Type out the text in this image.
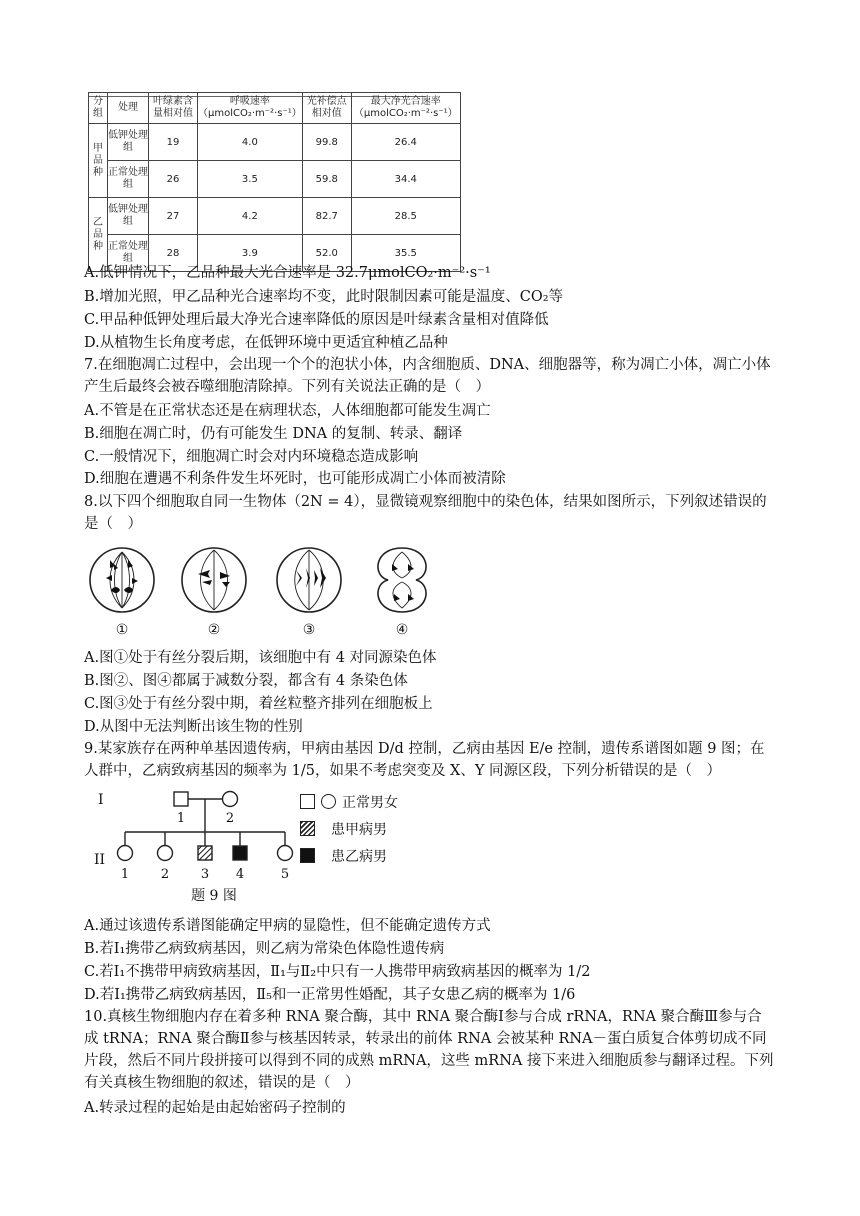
分组	处理	叶绿素含量相对值	呼吸速率（μmolCO₂·m⁻²·s⁻¹）	光补偿点相对值	最大净光合速率（μmolCO₂·m⁻²·s⁻¹）
甲品种	低钾处理组	19	4.0	99.8	26.4
	正常处理组	26	3.5	59.8	34.4
乙品种	低钾处理组	27	4.2	82.7	28.5
	正常处理组	28	3.9	52.0	35.5
A.低钾情况下，乙品种最大光合速率是 32.7μmolCO₂·m⁻²·s⁻¹
B.增加光照，甲乙品种光合速率均不变，此时限制因素可能是温度、CO₂等
C.甲品种低钾处理后最大净光合速率降低的原因是叶绿素含量相对值降低
D.从植物生长角度考虑，在低钾环境中更适宜种植乙品种
7.在细胞凋亡过程中，会出现一个个的泡状小体，内含细胞质、DNA、细胞器等，称为凋亡小体，凋亡小体产生后最终会被吞噬细胞清除掉。下列有关说法正确的是（　）
A.不管是在正常状态还是在病理状态，人体细胞都可能发生凋亡
B.细胞在凋亡时，仍有可能发生 DNA 的复制、转录、翻译
C.一般情况下，细胞凋亡时会对内环境稳态造成影响
D.细胞在遭遇不利条件发生坏死时，也可能形成凋亡小体而被清除
8.以下四个细胞取自同一生物体（2N = 4），显微镜观察细胞中的染色体，结果如图所示，下列叙述错误的是（　）
①	②	③	④
A.图①处于有丝分裂后期，该细胞中有 4 对同源染色体
B.图②、图④都属于减数分裂，都含有 4 条染色体
C.图③处于有丝分裂中期，着丝粒整齐排列在细胞板上
D.从图中无法判断出该生物的性别
9.某家族存在两种单基因遗传病，甲病由基因 D/d 控制，乙病由基因 E/e 控制，遗传系谱图如题 9 图；在人群中，乙病致病基因的频率为 1/5，如果不考虑突变及 X、Y 同源区段，下列分析错误的是（　）
I
II
1	2
1 2 3 4	5
题 9 图
正常男女
患甲病男
患乙病男
A.通过该遗传系谱图能确定甲病的显隐性，但不能确定遗传方式
B.若Ⅰ₁携带乙病致病基因，则乙病为常染色体隐性遗传病
C.若Ⅰ₁不携带甲病致病基因，Ⅱ₁与Ⅱ₂中只有一人携带甲病致病基因的概率为 1/2
D.若Ⅰ₁携带乙病致病基因，Ⅱ₅和一正常男性婚配，其子女患乙病的概率为 1/6
10.真核生物细胞内存在着多种 RNA 聚合酶，其中 RNA 聚合酶Ⅰ参与合成 rRNA，RNA 聚合酶Ⅲ参与合成 tRNA；RNA 聚合酶Ⅱ参与核基因转录，转录出的前体 RNA 会被某种 RNA－蛋白质复合体剪切成不同片段，然后不同片段拼接可以得到不同的成熟 mRNA，这些 mRNA 接下来进入细胞质参与翻译过程。下列有关真核生物细胞的叙述，错误的是（　）
A.转录过程的起始是由起始密码子控制的
